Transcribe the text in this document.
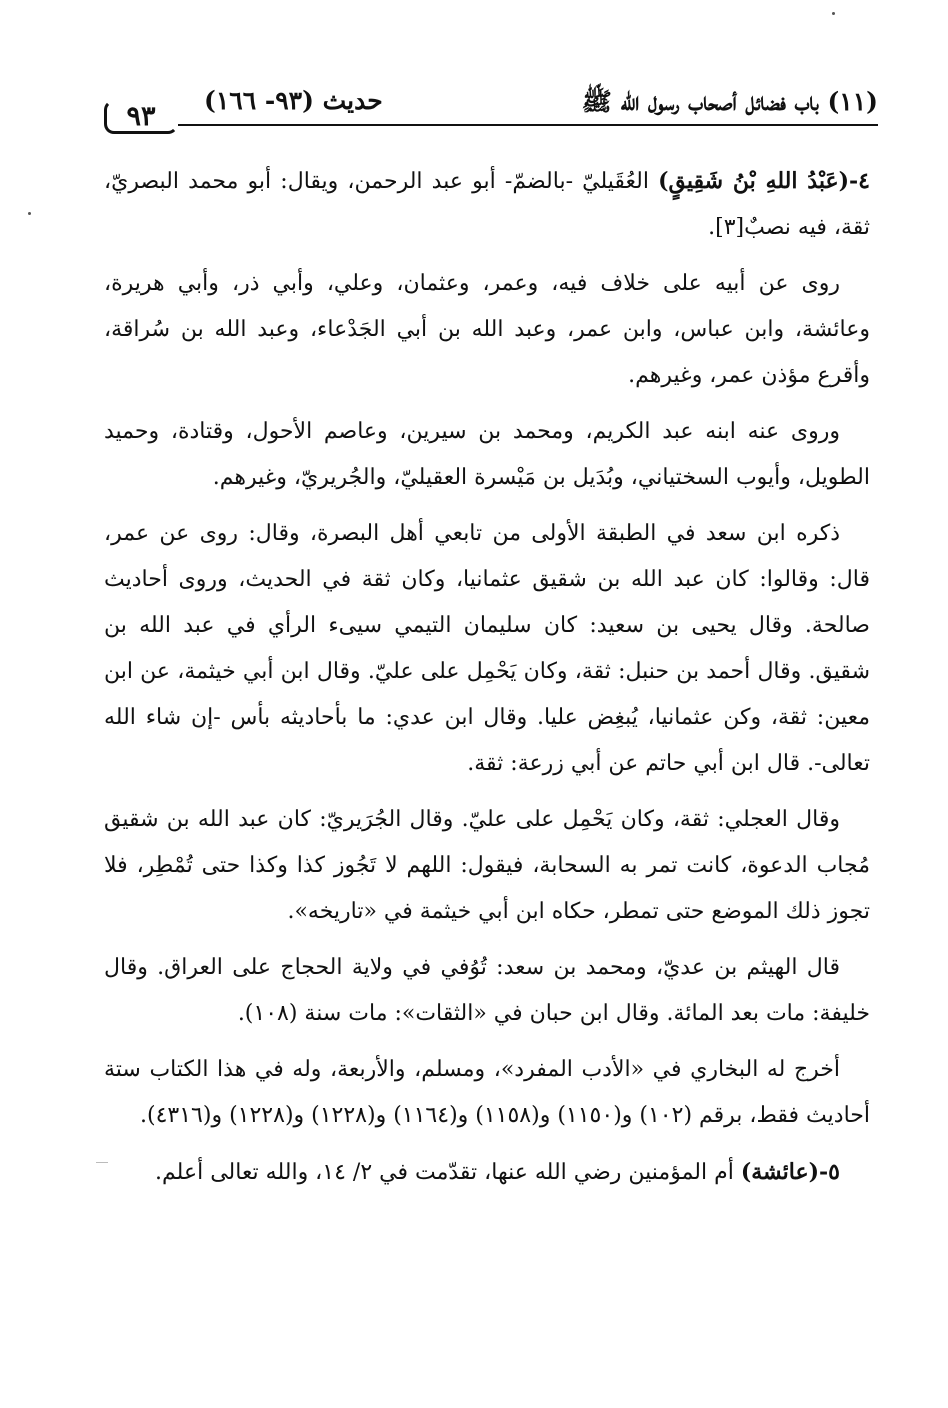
٩٣
حديث (٩٣- ١٦٦)	(١١) باب فضائل أصحاب رسول الله ﷺ

٤-(عَبْدُ اللهِ بْنُ شَقِيقٍ) العُقَيليّ -بالضمّ- أبو عبد الرحمن، ويقال: أبو محمد البصريّ، ثقة، فيه نصبٌ[٣].

روى عن أبيه على خلاف فيه، وعمر، وعثمان، وعلي، وأبي ذر، وأبي هريرة، وعائشة، وابن عباس، وابن عمر، وعبد الله بن أبي الجَدْعاء، وعبد الله بن سُراقة، وأقرع مؤذن عمر، وغيرهم.

وروى عنه ابنه عبد الكريم، ومحمد بن سيرين، وعاصم الأحول، وقتادة، وحميد الطويل، وأيوب السختياني، وبُدَيل بن مَيْسرة العقيليّ، والجُريريّ، وغيرهم.

ذكره ابن سعد في الطبقة الأولى من تابعي أهل البصرة، وقال: روى عن عمر، قال: وقالوا: كان عبد الله بن شقيق عثمانيا، وكان ثقة في الحديث، وروى أحاديث صالحة. وقال يحيى بن سعيد: كان سليمان التيمي سيىء الرأي في عبد الله بن شقيق. وقال أحمد بن حنبل: ثقة، وكان يَحْمِل على عليّ. وقال ابن أبي خيثمة، عن ابن معين: ثقة، وكن عثمانيا، يُبغِض عليا. وقال ابن عدي: ما بأحاديثه بأس -إن شاء الله تعالى-. قال ابن أبي حاتم عن أبي زرعة: ثقة.

وقال العجلي: ثقة، وكان يَحْمِل على عليّ. وقال الجُرَيريّ: كان عبد الله بن شقيق مُجاب الدعوة، كانت تمر به السحابة، فيقول: اللهم لا تَجُوز كذا وكذا حتى تُمْطِر، فلا تجوز ذلك الموضع حتى تمطر، حكاه ابن أبي خيثمة في «تاريخه».

قال الهيثم بن عديّ، ومحمد بن سعد: تُوُفي في ولاية الحجاج على العراق. وقال خليفة: مات بعد المائة. وقال ابن حبان في «الثقات»: مات سنة (١٠٨).

أخرج له البخاري في «الأدب المفرد»، ومسلم، والأربعة، وله في هذا الكتاب ستة أحاديث فقط، برقم (١٠٢) و(١١٥٠) و(١١٥٨) و(١١٦٤) و(١٢٢٨) و(١٢٢٨) و(٤٣١٦).

٥-(عائشة) أم المؤمنين رضي الله عنها، تقدّمت في ٢/ ١٤، والله تعالى أعلم.
